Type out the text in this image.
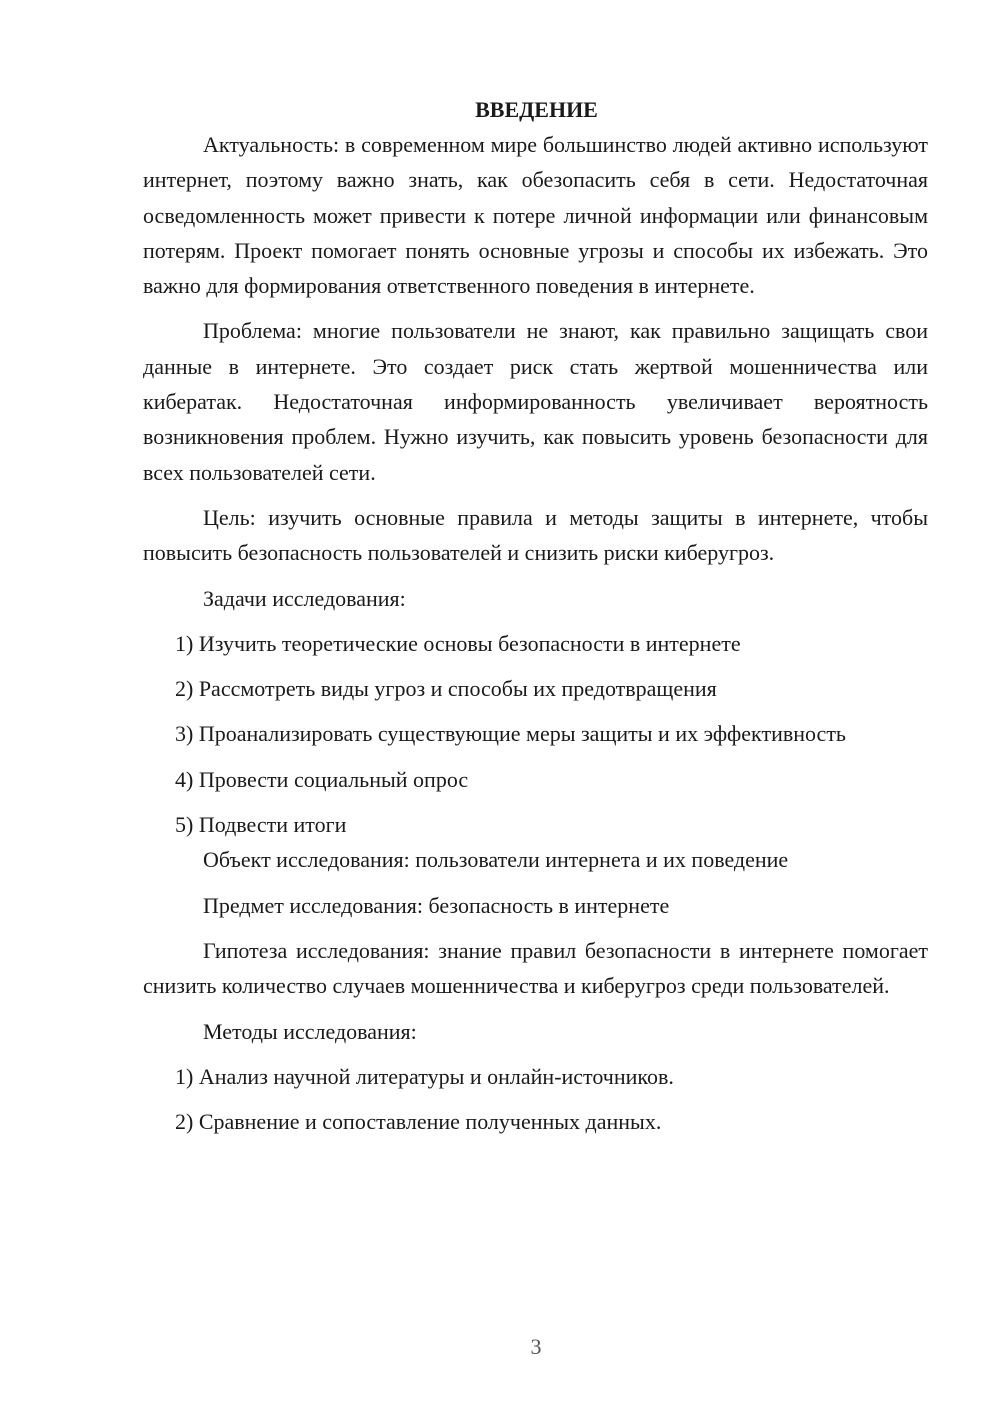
ВВЕДЕНИЕ

Актуальность: в современном мире большинство людей активно используют интернет, поэтому важно знать, как обезопасить себя в сети. Недостаточная осведомленность может привести к потере личной информации или финансовым потерям. Проект помогает понять основные угрозы и способы их избежать. Это важно для формирования ответственного поведения в интернете.

Проблема: многие пользователи не знают, как правильно защищать свои данные в интернете. Это создает риск стать жертвой мошенничества или кибератак. Недостаточная информированность увеличивает вероятность возникновения проблем. Нужно изучить, как повысить уровень безопасности для всех пользователей сети.

Цель: изучить основные правила и методы защиты в интернете, чтобы повысить безопасность пользователей и снизить риски киберугроз.

Задачи исследования:

1) Изучить теоретические основы безопасности в интернете

2) Рассмотреть виды угроз и способы их предотвращения

3) Проанализировать существующие меры защиты и их эффективность

4) Провести социальный опрос

5) Подвести итоги

Объект исследования: пользователи интернета и их поведение

Предмет исследования: безопасность в интернете

Гипотеза исследования: знание правил безопасности в интернете помогает снизить количество случаев мошенничества и киберугроз среди пользователей.

Методы исследования:

1) Анализ научной литературы и онлайн-источников.

2) Сравнение и сопоставление полученных данных.

3
